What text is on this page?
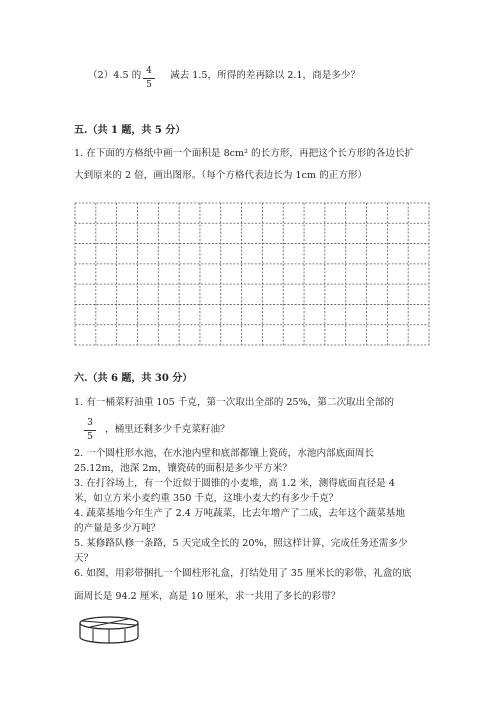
（2）4.5 的 4
5
减去 1.5，所得的差再除以 2.1，商是多少？
五.（共 1 题，共 5 分）
1. 在下面的方格纸中画一个面积是 8cm² 的长方形，再把这个长方形的各边长扩
大到原来的 2 倍，画出图形。（每个方格代表边长为 1cm 的正方形）
六.（共 6 题，共 30 分）
1. 有一桶菜籽油重 105 千克，第一次取出全部的 25%，第二次取出全部的
3
5
，桶里还剩多少千克菜籽油？
2. 一个圆柱形水池，在水池内壁和底部都镶上瓷砖，水池内部底面周长
25.12m，池深 2m，镶瓷砖的面积是多少平方米？
3. 在打谷场上，有一个近似于圆锥的小麦堆，高 1.2 米，测得底面直径是 4
米，如立方米小麦约重 350 千克，这堆小麦大约有多少千克？
4. 蔬菜基地今年生产了 2.4 万吨蔬菜，比去年增产了二成，去年这个蔬菜基地
的产量是多少万吨？
5. 某修路队修一条路，5 天完成全长的 20%，照这样计算，完成任务还需多少
天？
6. 如图，用彩带捆扎一个圆柱形礼盒，打结处用了 35 厘米长的彩带，礼盒的底
面周长是 94.2 厘米，高是 10 厘米，求一共用了多长的彩带？
